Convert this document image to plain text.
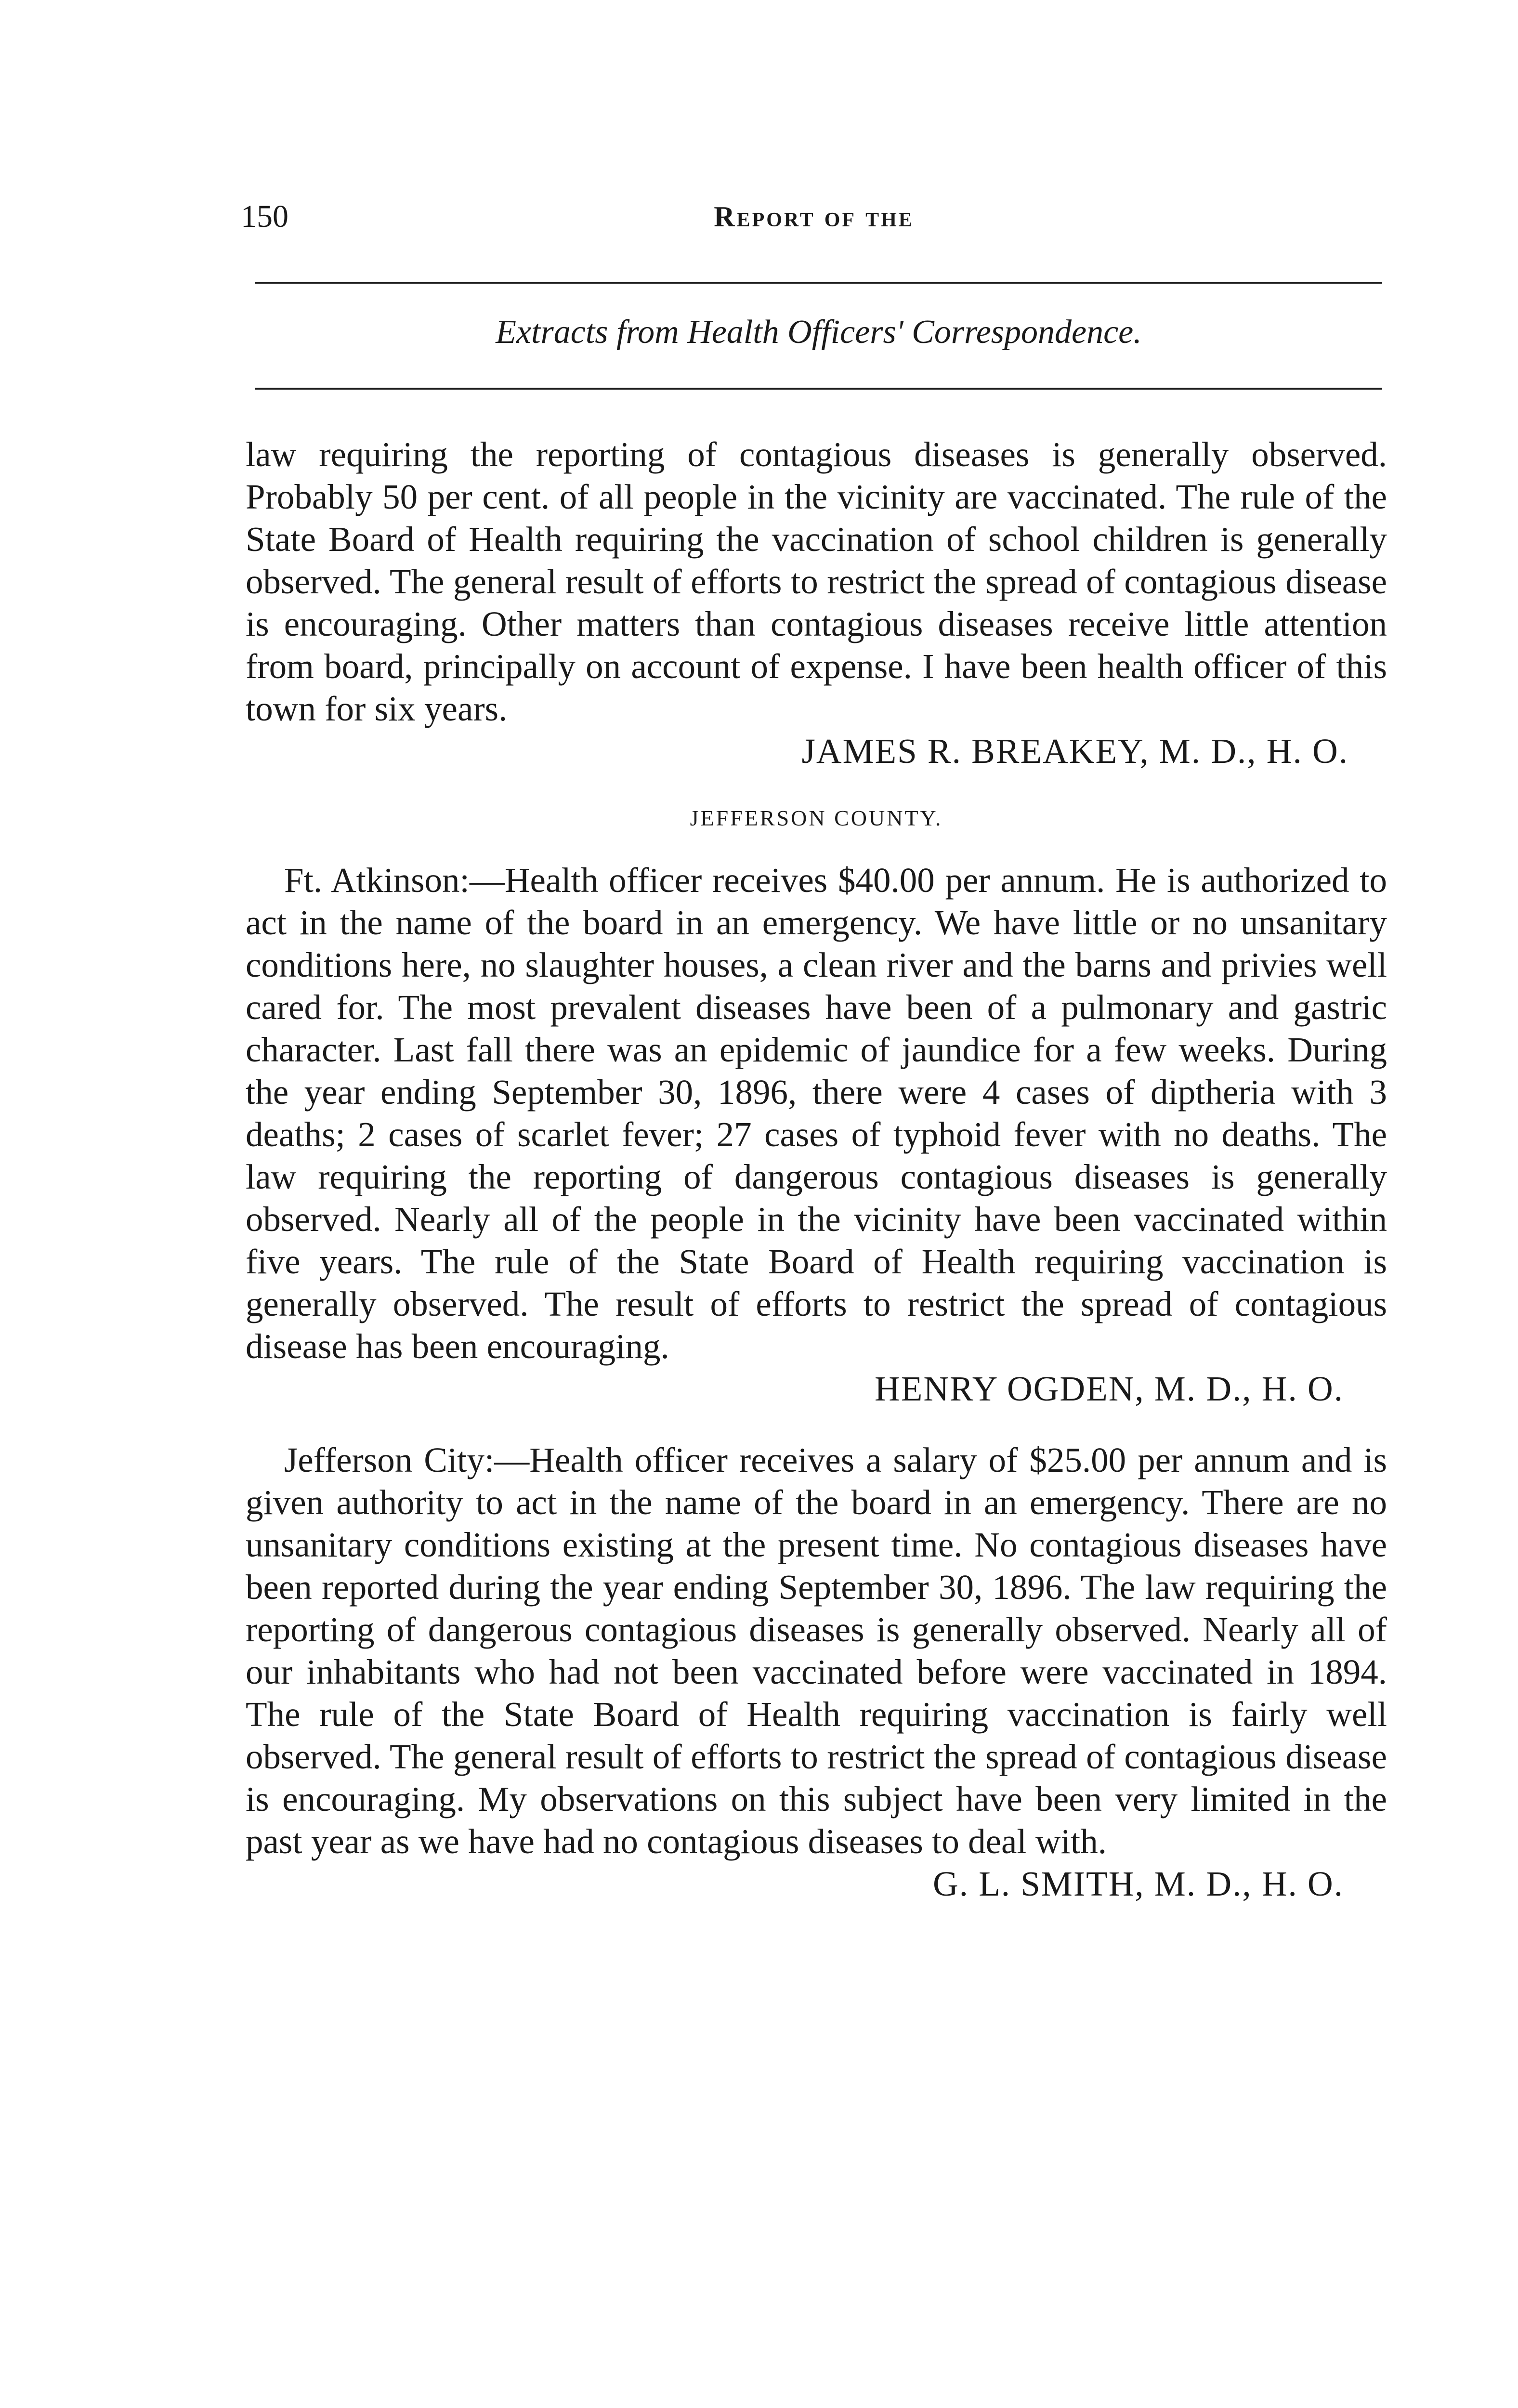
150	Report of the
Extracts from Health Officers' Correspondence.

law requiring the reporting of contagious diseases is generally observed. Probably 50 per cent. of all people in the vicinity are vaccinated. The rule of the State Board of Health requiring the vaccination of school children is generally observed. The general result of efforts to restrict the spread of contagious disease is encouraging. Other matters than contagious diseases receive little attention from board, principally on account of expense. I have been health officer of this town for six years.

JAMES R. BREAKEY, M. D., H. O.

JEFFERSON COUNTY.

Ft. Atkinson:—Health officer receives $40.00 per annum. He is authorized to act in the name of the board in an emergency. We have little or no unsanitary conditions here, no slaughter houses, a clean river and the barns and privies well cared for. The most prevalent diseases have been of a pulmonary and gastric character. Last fall there was an epidemic of jaundice for a few weeks. During the year ending September 30, 1896, there were 4 cases of diptheria with 3 deaths; 2 cases of scarlet fever; 27 cases of typhoid fever with no deaths. The law requiring the reporting of dangerous contagious diseases is generally observed. Nearly all of the people in the vicinity have been vaccinated within five years. The rule of the State Board of Health requiring vaccination is generally observed. The result of efforts to restrict the spread of contagious disease has been encouraging.

HENRY OGDEN, M. D., H. O.

Jefferson City:—Health officer receives a salary of $25.00 per annum and is given authority to act in the name of the board in an emergency. There are no unsanitary conditions existing at the present time. No contagious diseases have been reported during the year ending September 30, 1896. The law requiring the reporting of dangerous contagious diseases is generally observed. Nearly all of our inhabitants who had not been vaccinated before were vaccinated in 1894. The rule of the State Board of Health requiring vaccination is fairly well observed. The general result of efforts to restrict the spread of contagious disease is encouraging. My observations on this subject have been very limited in the past year as we have had no contagious diseases to deal with.

G. L. SMITH, M. D., H. O.
